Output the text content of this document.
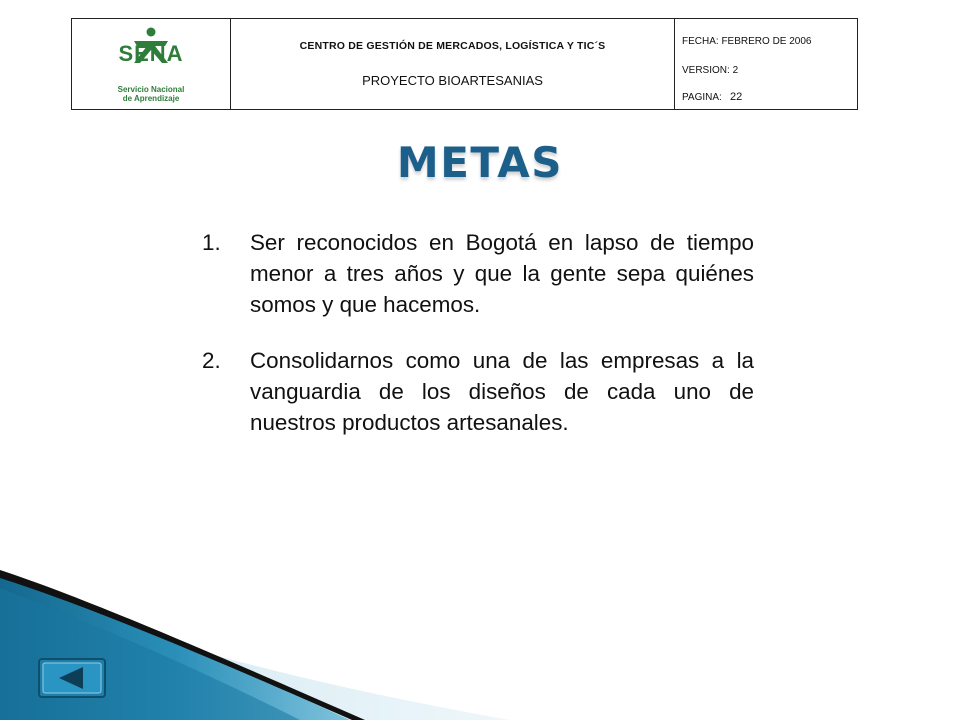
SENA
Servicio Nacional
de Aprendizaje
CENTRO DE GESTIÓN DE MERCADOS, LOGÍSTICA Y TIC´S
PROYECTO BIOARTESANIAS
FECHA: FEBRERO DE 2006
VERSION: 2
PAGINA: 22
METAS
1. Ser reconocidos en Bogotá en lapso de tiempo menor a tres años y que la gente sepa quiénes somos y que hacemos.
2. Consolidarnos como una de las empresas a la vanguardia de los diseños de cada uno de nuestros productos artesanales.
